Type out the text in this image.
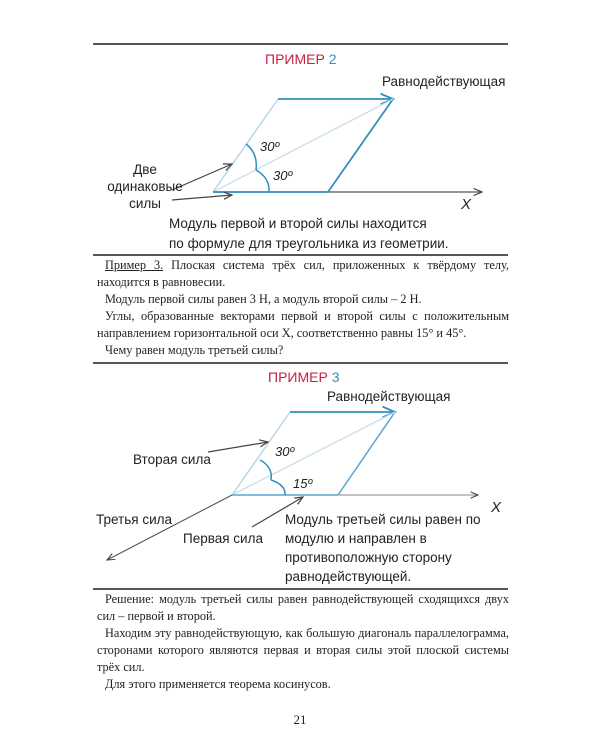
ПРИМЕР 2
Равнодействующая
Две
одинаковые
силы
30º
30º
X
Модуль первой и второй силы находится
по формуле для треугольника из геометрии.

Пример 3. Плоская система трёх сил, приложенных к твёрдому телу, находится в равновесии.

Модуль первой силы равен 3 Н, а модуль второй силы – 2 Н.

Углы, образованные векторами первой и второй силы с положительным направлением горизонтальной оси X, соответственно равны 15° и 45°.

Чему равен модуль третьей силы?

ПРИМЕР 3
Равнодействующая
Вторая сила
30º
15º
X
Третья сила
Первая сила
Модуль третьей силы равен по
модулю и направлен в
противоположную сторону
равнодействующей.

Решение: модуль третьей силы равен равнодействующей сходящихся двух сил – первой и второй.

Находим эту равнодействующую, как большую диагональ параллелограмма, сторонами которого являются первая и вторая силы этой плоской системы трёх сил.

Для этого применяется теорема косинусов.

21
